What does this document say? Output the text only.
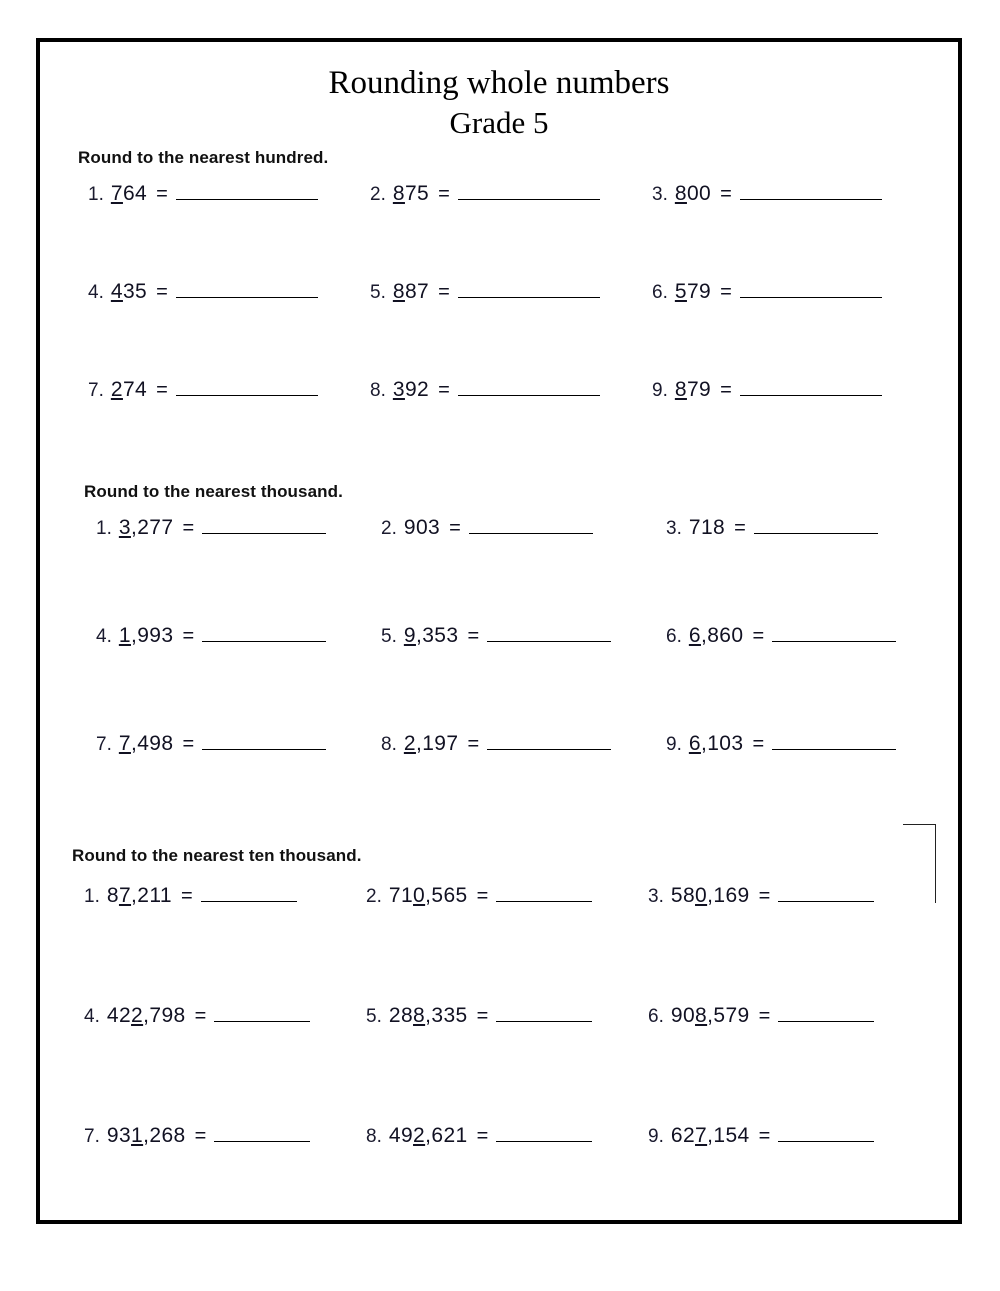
Rounding whole numbers
Grade 5
Round to the nearest hundred.
1. 764 =	2. 875 =	3. 800 =
4. 435 =	5. 887 =	6. 579 =
7. 274 =	8. 392 =	9. 879 =
Round to the nearest thousand.
1. 3,277 =	2. 903 =	3. 718 =
4. 1,993 =	5. 9,353 =	6. 6,860 =
7. 7,498 =	8. 2,197 =	9. 6,103 =
Round to the nearest ten thousand.
1. 87,211 =	2. 710,565 =	3. 580,169 =
4. 422,798 =	5. 288,335 =	6. 908,579 =
7. 931,268 =	8. 492,621 =	9. 627,154 =
